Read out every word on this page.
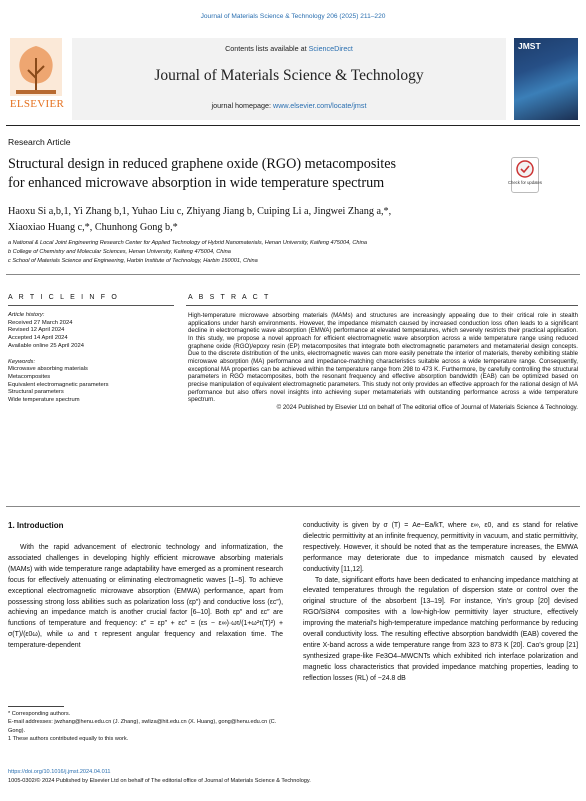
Journal of Materials Science & Technology 206 (2025) 211–220
ELSEVIER
Contents lists available at ScienceDirect
Journal of Materials Science & Technology
journal homepage: www.elsevier.com/locate/jmst
JMST
Research Article
Structural design in reduced graphene oxide (RGO) metacomposites
for enhanced microwave absorption in wide temperature spectrum	Check for updates
Haoxu Si a,b,1, Yi Zhang b,1, Yuhao Liu c, Zhiyang Jiang b, Cuiping Li a, Jingwei Zhang a,*,
Xiaoxiao Huang c,*, Chunhong Gong b,*
a National & Local Joint Engineering Research Center for Applied Technology of Hybrid Nanomaterials, Henan University, Kaifeng 475004, China
b College of Chemistry and Molecular Sciences, Henan University, Kaifeng 475004, China
c School of Materials Science and Engineering, Harbin Institute of Technology, Harbin 150001, China
A R T I C L E I N F O	A B S T R A C T
Article history:
Received 27 March 2024
Revised 12 April 2024
Accepted 14 April 2024
Available online 25 April 2024
Keywords:
Microwave absorbing materials
Metacomposites
Equivalent electromagnetic parameters
Structural parameters
Wide temperature spectrum
High-temperature microwave absorbing materials (MAMs) and structures are increasingly appealing due to their critical role in stealth applications under harsh environments. However, the impedance mismatch caused by increased conduction loss often leads to a significant decline in electromagnetic wave absorption (EMWA) performance at elevated temperatures, which severely restricts their practical application. In this study, we propose a novel approach for efficient electromagnetic wave absorption across a wide temperature range using reduced graphene oxide (RGO)/epoxy resin (EP) metacomposites that integrate both electromagnetic parameters and metamaterial design concepts. Due to the discrete distribution of the units, electromagnetic waves can more easily penetrate the interior of materials, thereby exhibiting stable microwave absorption (MA) performance and impedance-matching characteristics suitable across a wide temperature range. Consequently, exceptional MA properties can be achieved within the temperature range from 298 to 473 K. Furthermore, by carefully controlling the structural parameters in RGO metacomposites, both the resonant frequency and effective absorption bandwidth (EAB) can be optimized based on precise manipulation of equivalent electromagnetic parameters. This study not only provides an effective approach for the rational design of MA performance but also offers novel insights into achieving super metamaterials with outstanding performance across a wide temperature spectrum.
© 2024 Published by Elsevier Ltd on behalf of The editorial office of Journal of Materials Science & Technology.
1. Introduction

With the rapid advancement of electronic technology and informatization, the associated challenges in developing highly efficient microwave absorbing materials (MAMs) with wide temperature range adaptability have emerged as a prominent research focus for effectively attenuating or eliminating electromagnetic waves [1–5]. To achieve exceptional electromagnetic microwave absorption (EMWA) performance, apart from possessing strong loss abilities such as polarization loss (εp″) and conductive loss (εc″), achieving an impedance match is another crucial factor [6–10]. Both εp″ and εc″ are functions of temperature and frequency: ε″ = εp″ + εc″ = (εs − ε∞)·ωτ/(1+ω²τ(T)²) + σ(T)/(ε0ω), while ω and τ represent angular frequency and relaxation time. The temperature-dependent

conductivity is given by σ (T) = Ae−Ea/kT, where ε∞, ε0, and εs stand for relative dielectric permittivity at an infinite frequency, permittivity in vacuum, and static permittivity, respectively. However, it should be noted that as the temperature increases, the EMWA performance may deteriorate due to impedance mismatch caused by elevated conductivity [11,12].

To date, significant efforts have been dedicated to enhancing impedance matching at elevated temperatures through the regulation of dispersion state or control over the original structure of the absorbent [13–19]. For instance, Yin's group [20] devised RGO/Si3N4 composites with a low-high-low permittivity layer structure, effectively improving the material's high-temperature impedance matching performance by reducing overall conductivity loss. The resulting effective absorption bandwidth (EAB) covered the entire X-band across a wide temperature range from 323 to 873 K [20]. Cao's group [21] synthesized grape-like Fe3O4–MWCNTs which exhibited rich interface polarization and magnetic loss characteristics that provided impedance matching properties, leading to reflection losses (RL) of −24.8 dB

* Corresponding authors.
E-mail addresses: jwzhang@henu.edu.cn (J. Zhang), swliza@hit.edu.cn (X. Huang), gong@henu.edu.cn (C. Gong).
1 These authors contributed equally to this work.
https://doi.org/10.1016/j.jmst.2024.04.011
1005-0302/© 2024 Published by Elsevier Ltd on behalf of The editorial office of Journal of Materials Science & Technology.
